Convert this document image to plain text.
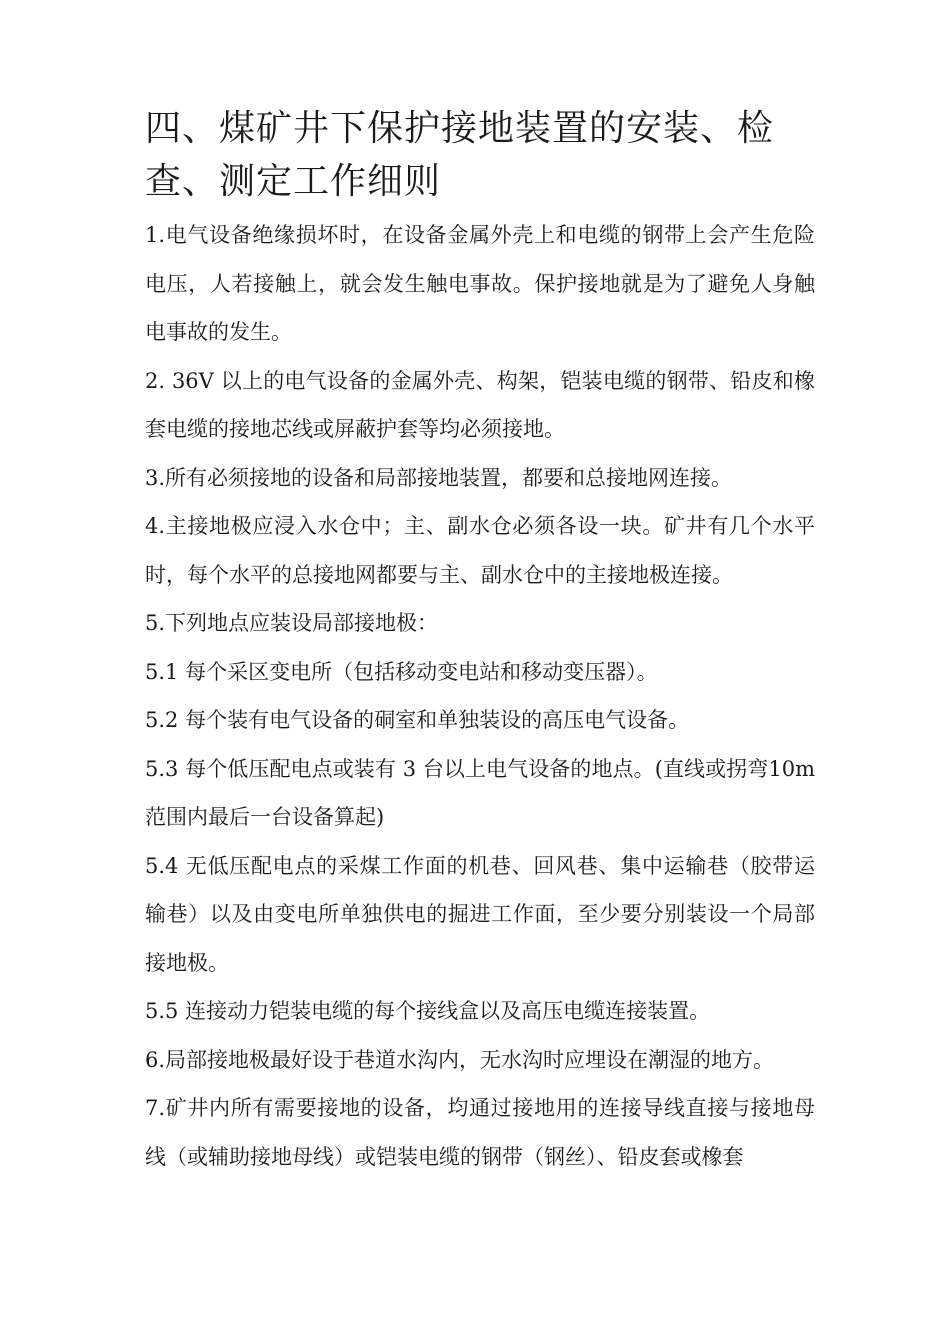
四、煤矿井下保护接地装置的安装、检查、测定工作细则

1.电气设备绝缘损坏时，在设备金属外壳上和电缆的钢带上会产生危险电压，人若接触上，就会发生触电事故。保护接地就是为了避免人身触电事故的发生。

2. 36V 以上的电气设备的金属外壳、构架，铠装电缆的钢带、铅皮和橡套电缆的接地芯线或屏蔽护套等均必须接地。

3.所有必须接地的设备和局部接地装置，都要和总接地网连接。

4.主接地极应浸入水仓中；主、副水仓必须各设一块。矿井有几个水平时，每个水平的总接地网都要与主、副水仓中的主接地极连接。

5.下列地点应装设局部接地极：

5.1 每个采区变电所（包括移动变电站和移动变压器）。

5.2 每个装有电气设备的硐室和单独装设的高压电气设备。

5.3 每个低压配电点或装有 3 台以上电气设备的地点。(直线或拐弯10m 范围内最后一台设备算起)

5.4 无低压配电点的采煤工作面的机巷、回风巷、集中运输巷（胶带运输巷）以及由变电所单独供电的掘进工作面，至少要分别装设一个局部接地极。

5.5 连接动力铠装电缆的每个接线盒以及高压电缆连接装置。

6.局部接地极最好设于巷道水沟内，无水沟时应埋设在潮湿的地方。

7.矿井内所有需要接地的设备，均通过接地用的连接导线直接与接地母线（或辅助接地母线）或铠装电缆的钢带（钢丝）、铅皮套或橡套
